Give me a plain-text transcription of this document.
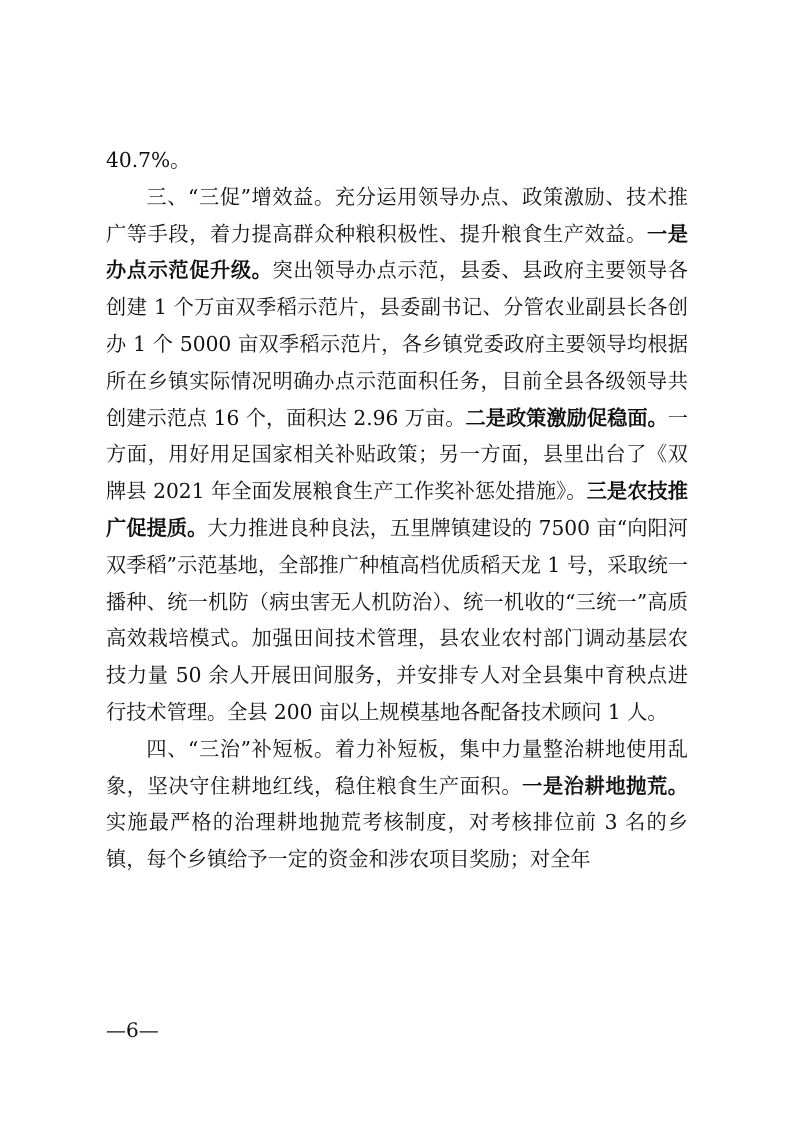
40.7%。

三、“三促”增效益。充分运用领导办点、政策激励、技术推广等手段，着力提高群众种粮积极性、提升粮食生产效益。一是办点示范促升级。突出领导办点示范，县委、县政府主要领导各创建 1 个万亩双季稻示范片，县委副书记、分管农业副县长各创办 1 个 5000 亩双季稻示范片，各乡镇党委政府主要领导均根据所在乡镇实际情况明确办点示范面积任务，目前全县各级领导共创建示范点 16 个，面积达 2.96 万亩。二是政策激励促稳面。一方面，用好用足国家相关补贴政策；另一方面，县里出台了《双牌县 2021 年全面发展粮食生产工作奖补惩处措施》。三是农技推广促提质。大力推进良种良法，五里牌镇建设的 7500 亩“向阳河双季稻”示范基地，全部推广种植高档优质稻天龙 1 号，采取统一播种、统一机防（病虫害无人机防治）、统一机收的“三统一”高质高效栽培模式。加强田间技术管理，县农业农村部门调动基层农技力量 50 余人开展田间服务，并安排专人对全县集中育秧点进行技术管理。全县 200 亩以上规模基地各配备技术顾问 1 人。

四、“三治”补短板。着力补短板，集中力量整治耕地使用乱象，坚决守住耕地红线，稳住粮食生产面积。一是治耕地抛荒。实施最严格的治理耕地抛荒考核制度，对考核排位前 3 名的乡镇，每个乡镇给予一定的资金和涉农项目奖励；对全年

—6—
